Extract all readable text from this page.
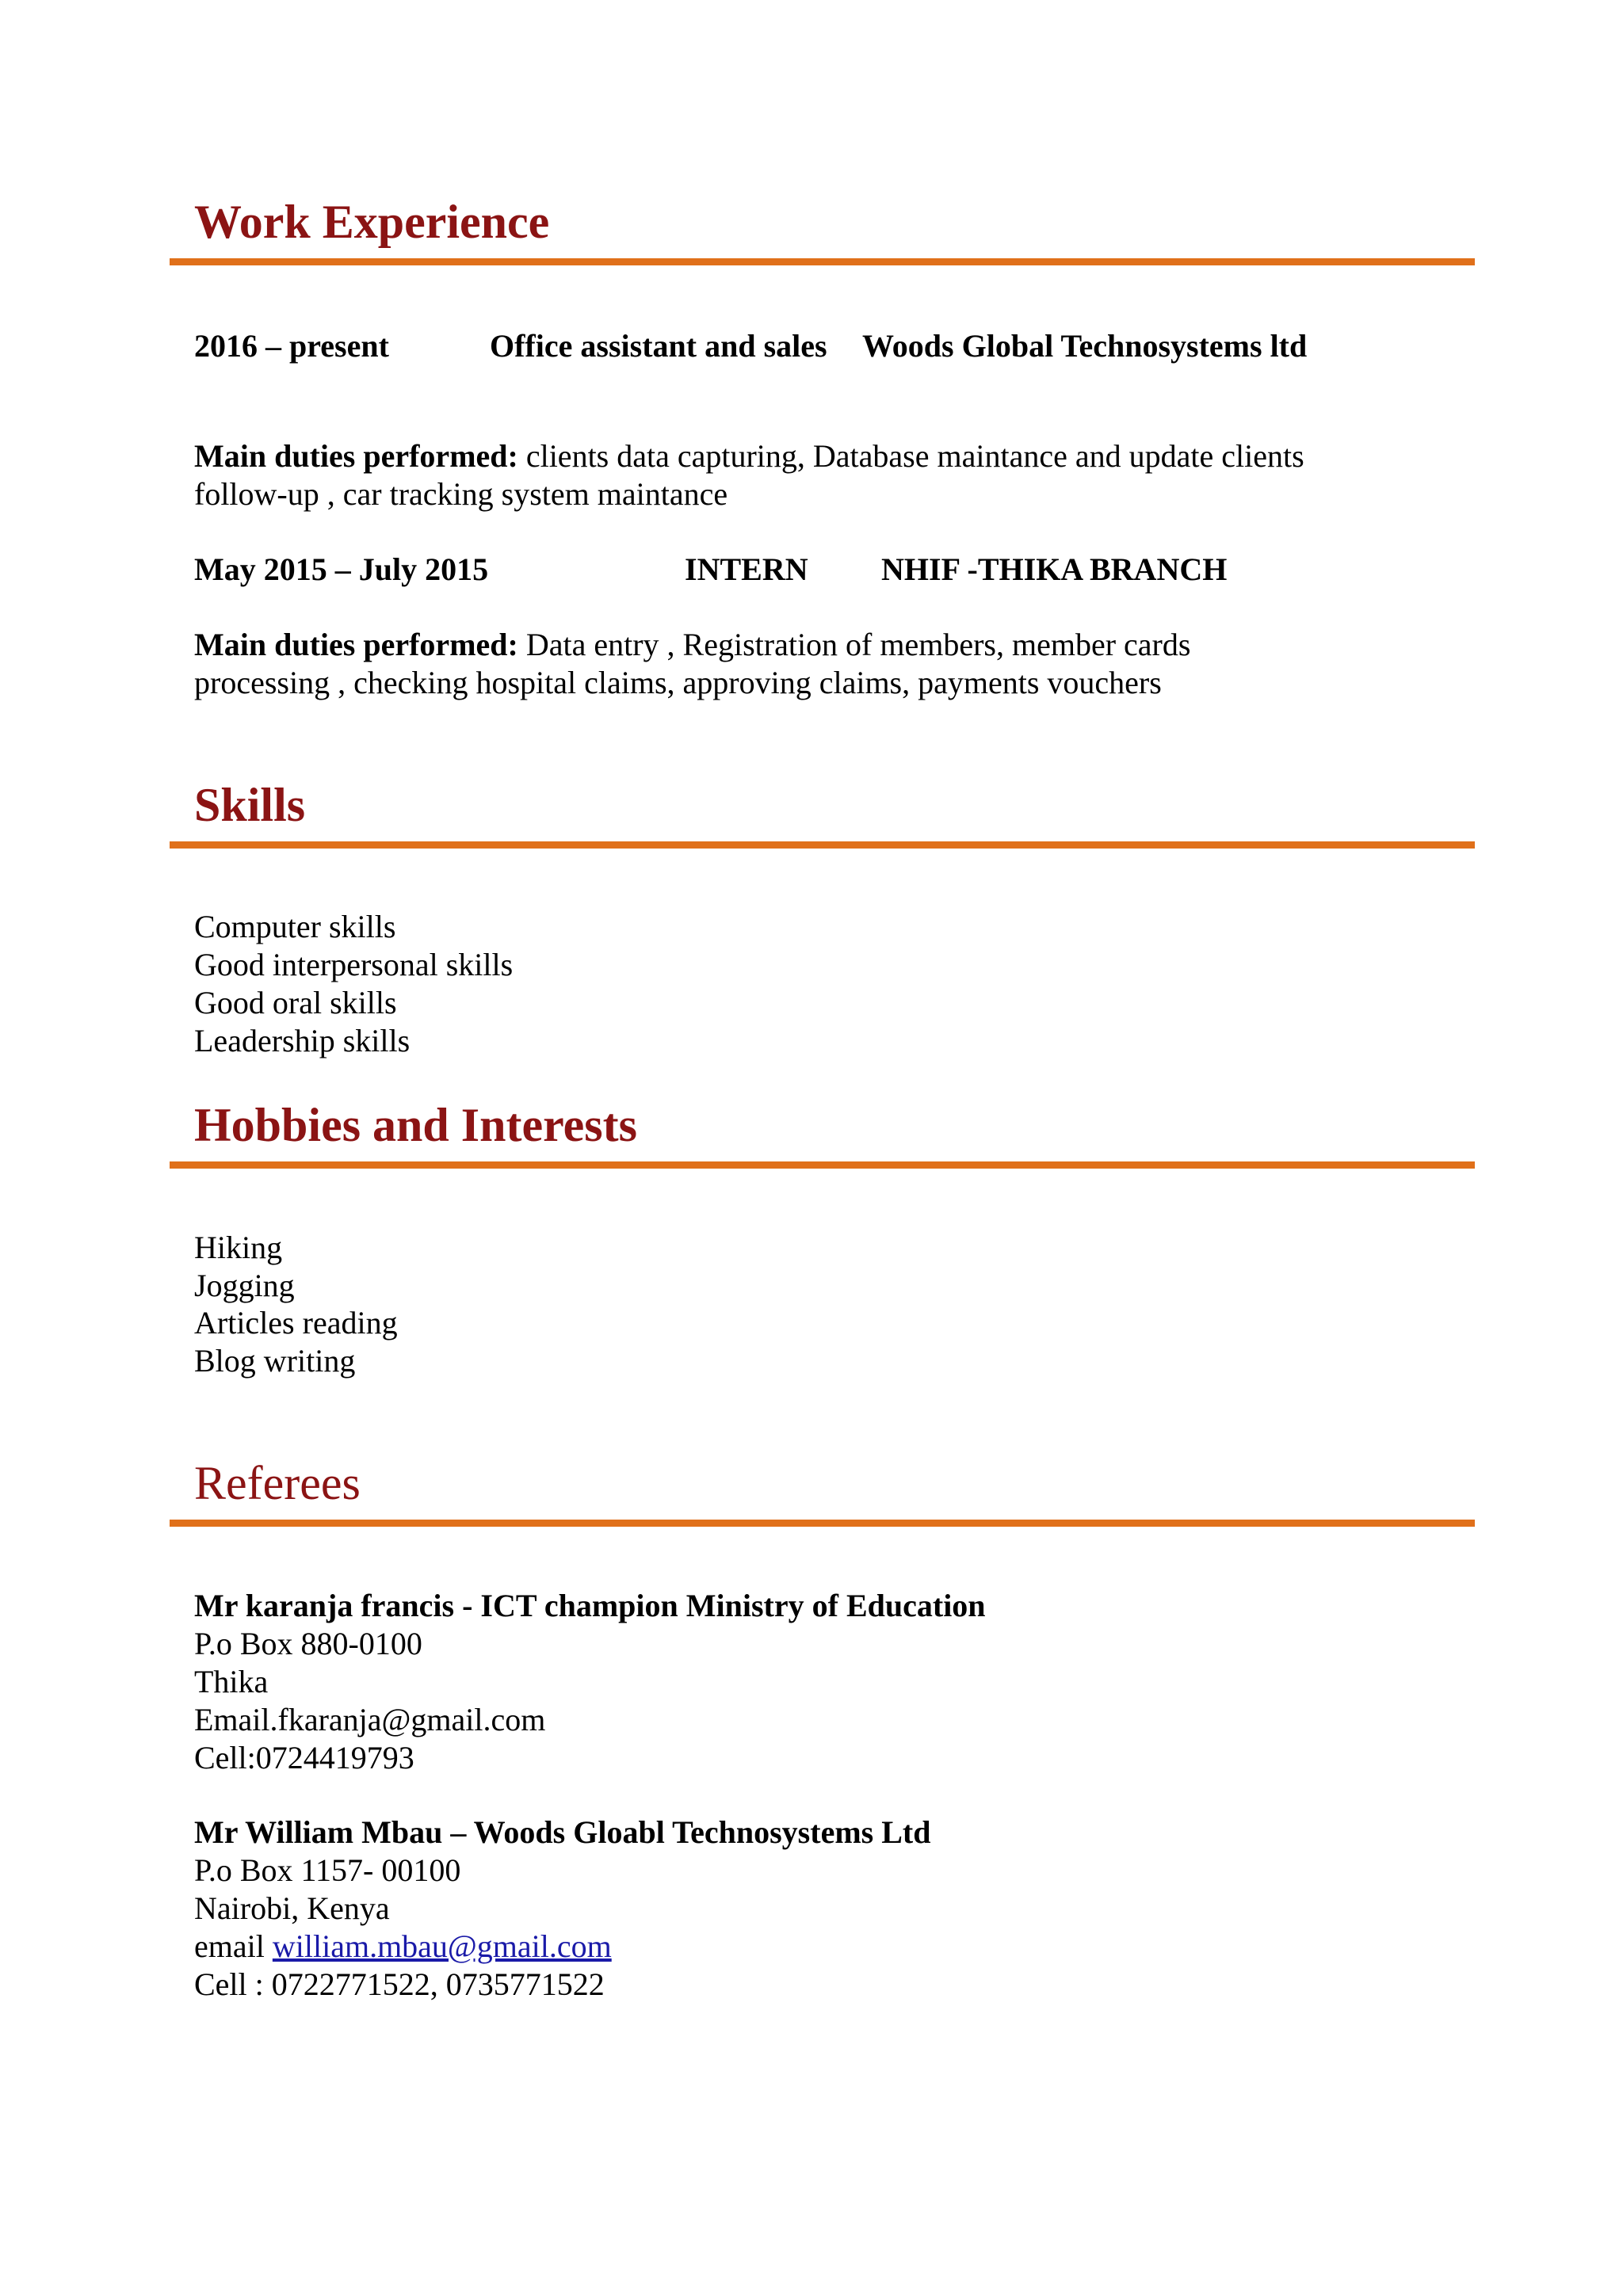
Work Experience
2016 – present	Office assistant and sales Woods Global Technosystems ltd
Main duties performed: clients data capturing, Database maintance and update clients
follow-up , car tracking system maintance
May 2015 – July 2015	INTERN NHIF -THIKA BRANCH
Main duties performed: Data entry , Registration of members, member cards
processing , checking hospital claims, approving claims, payments vouchers
Skills
Computer skills
Good interpersonal skills
Good oral skills
Leadership skills
Hobbies and Interests
Hiking
Jogging
Articles reading
Blog writing
Referees
Mr karanja francis - ICT champion Ministry of Education
P.o Box 880-0100
Thika
Email.fkaranja@gmail.com
Cell:0724419793
Mr William Mbau – Woods Gloabl Technosystems Ltd
P.o Box 1157- 00100
Nairobi, Kenya
email william.mbau@gmail.com
Cell : 0722771522, 0735771522
